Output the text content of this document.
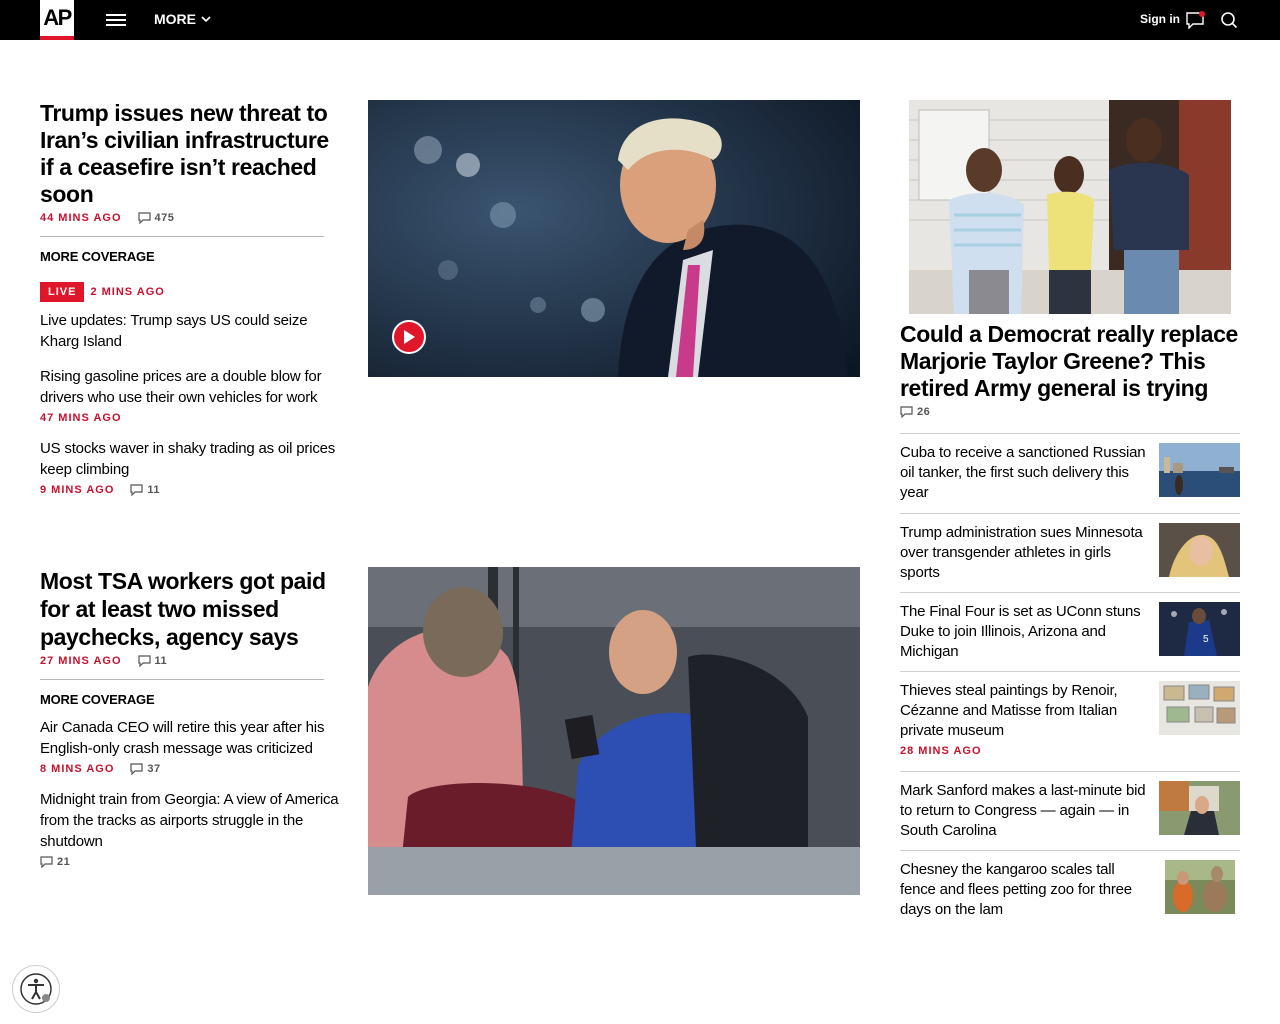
AP	MORE	Sign in
Trump issues new threat to Iran’s civilian infrastructure if a ceasefire isn’t reached soon
44 MINS AGO	475
MORE COVERAGE
LIVE	2 MINS AGO
Live updates: Trump says US could seize Kharg Island
Rising gasoline prices are a double blow for drivers who use their own vehicles for work
47 MINS AGO
US stocks waver in shaky trading as oil prices keep climbing
9 MINS AGO	11
Most TSA workers got paid for at least two missed paychecks, agency says
27 MINS AGO	11
MORE COVERAGE
Air Canada CEO will retire this year after his English-only crash message was criticized
8 MINS AGO	37
Midnight train from Georgia: A view of America from the tracks as airports struggle in the shutdown
21
Could a Democrat really replace Marjorie Taylor Greene? This retired Army general is trying
26
Cuba to receive a sanctioned Russian oil tanker, the first such delivery this year
Trump administration sues Minnesota over transgender athletes in girls sports
The Final Four is set as UConn stuns Duke to join Illinois, Arizona and Michigan
5
Thieves steal paintings by Renoir, Cézanne and Matisse from Italian private museum
28 MINS AGO
Mark Sanford makes a last-minute bid to return to Congress — again — in South Carolina
Chesney the kangaroo scales tall fence and flees petting zoo for three days on the lam
